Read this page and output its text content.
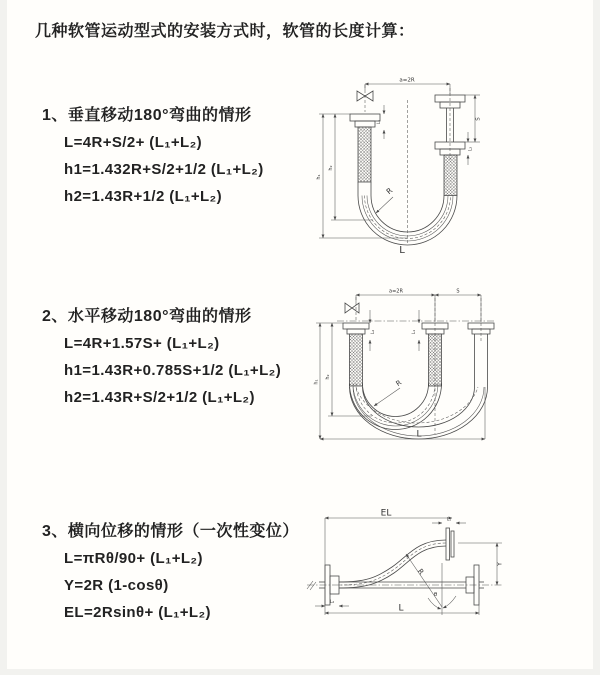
几种软管运动型式的安装方式时，软管的长度计算：
1、垂直移动180°弯曲的情形
L=4R+S/2+ (L₁+L₂)
h1=1.432R+S/2+1/2 (L₁+L₂)
h2=1.43R+1/2 (L₁+L₂)
2、水平移动180°弯曲的情形
L=4R+1.57S+ (L₁+L₂)
h1=1.43R+0.785S+1/2 (L₁+L₂)
h2=1.43R+S/2+1/2 (L₁+L₂)
3、横向位移的情形（一次性变位）
L=πRθ/90+ (L₁+L₂)
Y=2R (1-cosθ)
EL=2Rsinθ+ (L₁+L₂)
a=2R
S
L₁
L₂
h₁
h₂
R
L
a=2R	S
L₂	L₁
h₁
h₂
L
R
θ
R
EL
L₁
Y
L₂
L
